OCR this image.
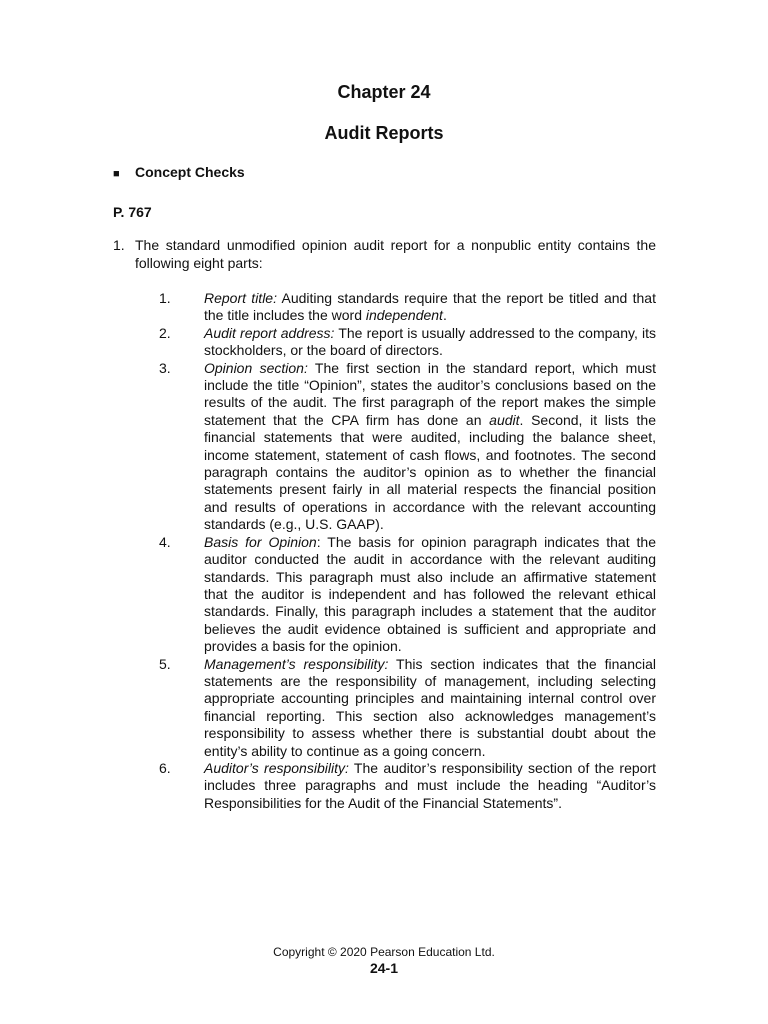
Chapter 24
Audit Reports
■ Concept Checks
P. 767
1. The standard unmodified opinion audit report for a nonpublic entity contains the following eight parts:
1. Report title: Auditing standards require that the report be titled and that the title includes the word independent.
2. Audit report address: The report is usually addressed to the company, its stockholders, or the board of directors.
3. Opinion section: The first section in the standard report, which must include the title “Opinion”, states the auditor’s conclusions based on the results of the audit. The first paragraph of the report makes the simple statement that the CPA firm has done an audit. Second, it lists the financial statements that were audited, including the balance sheet, income statement, statement of cash flows, and footnotes. The second paragraph contains the auditor’s opinion as to whether the financial statements present fairly in all material respects the financial position and results of operations in accordance with the relevant accounting standards (e.g., U.S. GAAP).
4. Basis for Opinion: The basis for opinion paragraph indicates that the auditor conducted the audit in accordance with the relevant auditing standards. This paragraph must also include an affirmative statement that the auditor is independent and has followed the relevant ethical standards. Finally, this paragraph includes a statement that the auditor believes the audit evidence obtained is sufficient and appropriate and provides a basis for the opinion.
5. Management’s responsibility: This section indicates that the financial statements are the responsibility of management, including selecting appropriate accounting principles and maintaining internal control over financial reporting. This section also acknowledges management’s responsibility to assess whether there is substantial doubt about the entity’s ability to continue as a going concern.
6. Auditor’s responsibility: The auditor’s responsibility section of the report includes three paragraphs and must include the heading “Auditor’s Responsibilities for the Audit of the Financial Statements”.
Copyright © 2020 Pearson Education Ltd.
24-1
